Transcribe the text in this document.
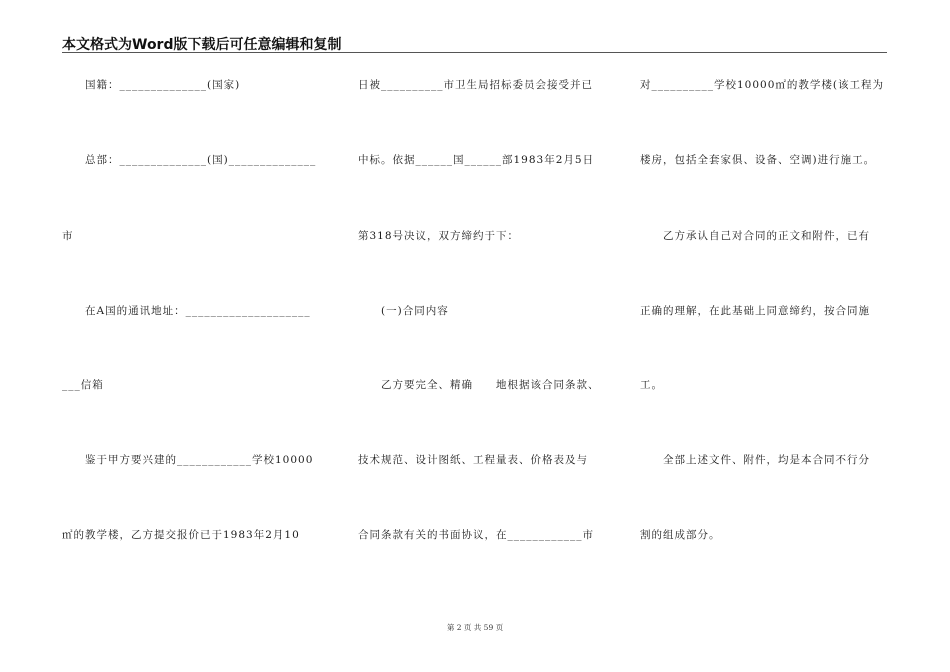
本文格式为Word版下载后可任意编辑和复制
　　国籍：______________(国家)
　　总部：______________(国)______________
市
　　在A国的通讯地址：____________________
___信箱
　　鉴于甲方要兴建的____________学校10000
㎡的教学楼，乙方提交报价已于1983年2月10
日被__________市卫生局招标委员会接受并已
中标。依据______国______部1983年2月5日
第318号决议，双方缔约于下：
　　(一)合同内容
　　乙方要完全、精确　　地根据该合同条款、
技术规范、设计图纸、工程量表、价格表及与
合同条款有关的书面协议，在____________市
对__________学校10000㎡的教学楼(该工程为
楼房，包括全套家俱、设备、空调)进行施工。
　　乙方承认自己对合同的正文和附件，已有
正确的理解，在此基础上同意缔约，按合同施
工。
　　全部上述文件、附件，均是本合同不行分
割的组成部分。
第 2 页 共 59 页
